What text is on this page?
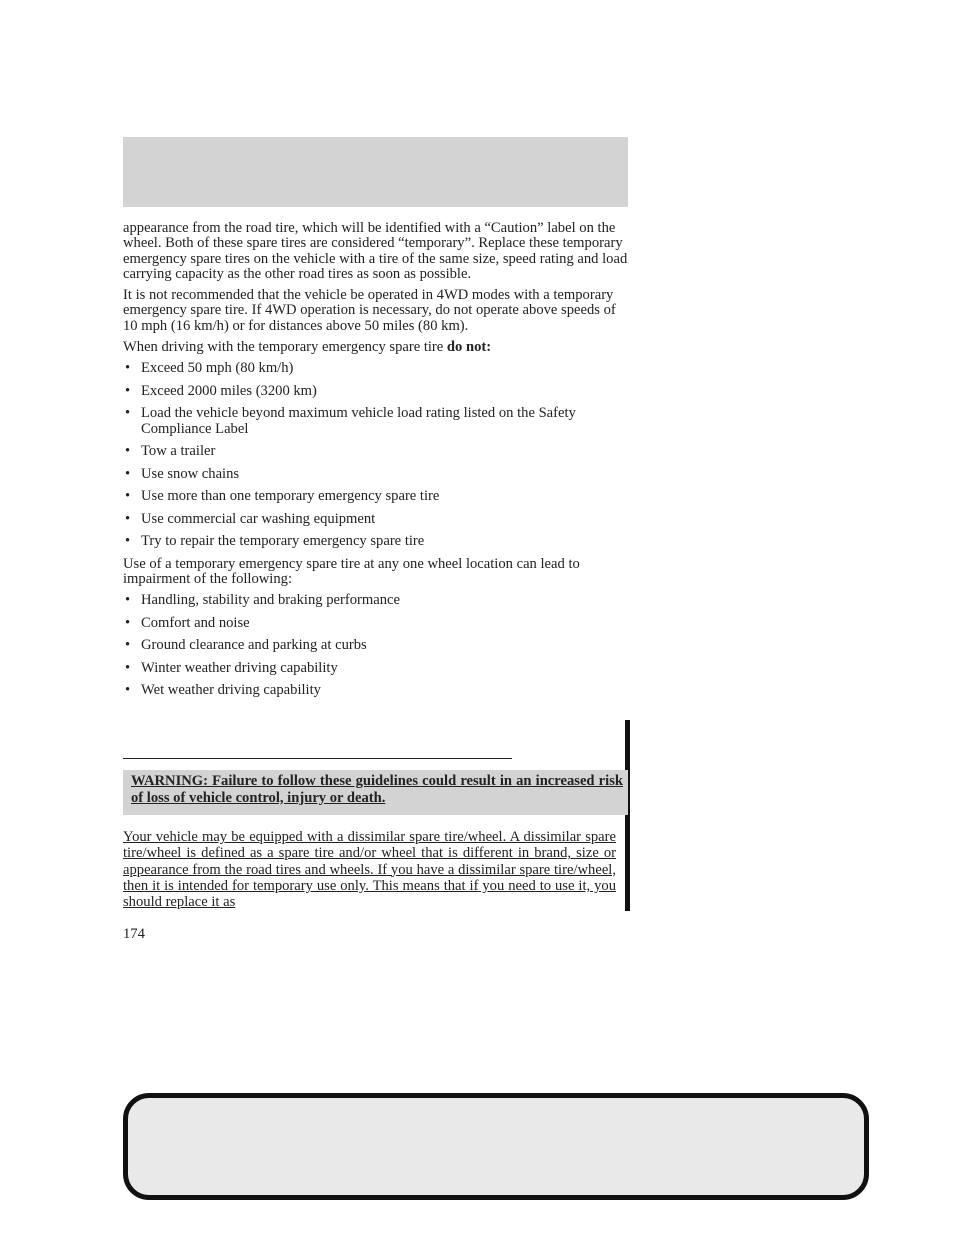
appearance from the road tire, which will be identified with a “Caution” label on the wheel. Both of these spare tires are considered “temporary”. Replace these temporary emergency spare tires on the vehicle with a tire of the same size, speed rating and load carrying capacity as the other road tires as soon as possible.

It is not recommended that the vehicle be operated in 4WD modes with a temporary emergency spare tire. If 4WD operation is necessary, do not operate above speeds of 10 mph (16 km/h) or for distances above 50 miles (80 km).

When driving with the temporary emergency spare tire do not:

• Exceed 50 mph (80 km/h)
• Exceed 2000 miles (3200 km)
• Load the vehicle beyond maximum vehicle load rating listed on the Safety Compliance Label
• Tow a trailer
• Use snow chains
• Use more than one temporary emergency spare tire
• Use commercial car washing equipment
• Try to repair the temporary emergency spare tire

Use of a temporary emergency spare tire at any one wheel location can lead to impairment of the following:

• Handling, stability and braking performance
• Comfort and noise
• Ground clearance and parking at curbs
• Winter weather driving capability
• Wet weather driving capability
WARNING: Failure to follow these guidelines could result in an increased risk of loss of vehicle control, injury or death.
Your vehicle may be equipped with a dissimilar spare tire/wheel. A dissimilar spare tire/wheel is defined as a spare tire and/or wheel that is different in brand, size or appearance from the road tires and wheels. If you have a dissimilar spare tire/wheel, then it is intended for temporary use only. This means that if you need to use it, you should replace it as
174
